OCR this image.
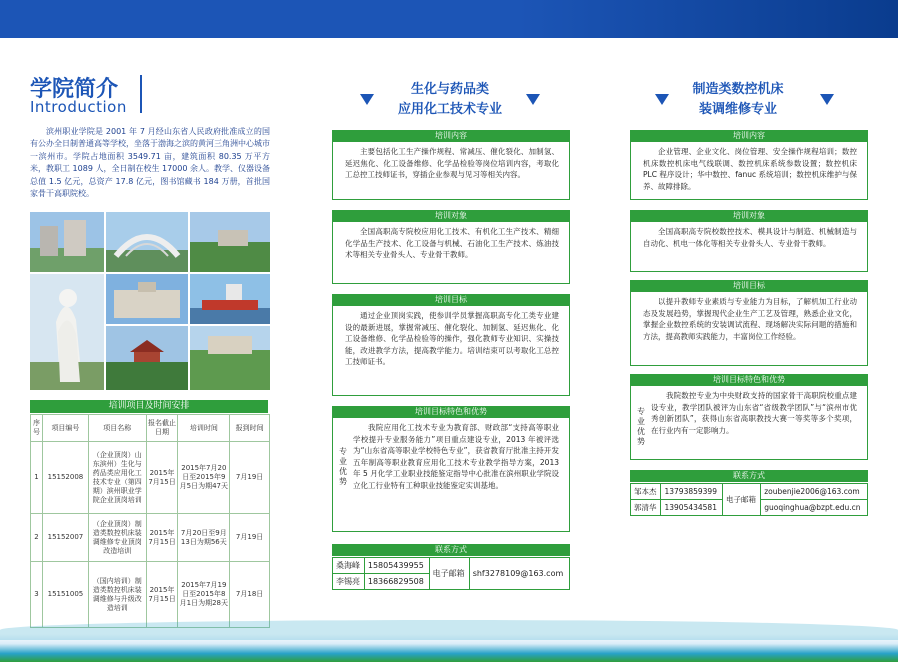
学院简介
Introduction
滨州职业学院是 2001 年 7 月经山东省人民政府批准成立的国有公办全日制普通高等学校，坐落于渤海之滨的黄河三角洲中心城市一滨州市。学院占地面积 3549.71 亩，建筑面积 80.35 万平方米，教职工 1089 人，全日制在校生 17000 余人。教学、仪器设备总值 1.5 亿元，总资产 17.8 亿元，图书馆藏书 184 万册，首批国家骨干高职院校。
培训项目及时间安排
序号	项目编号	项目名称	报名截止日期	培训时间	报到时间
1	15152008	（企业顶岗）山东滨州）生化与药品类应用化工技术专业（第四期）滨州职业学院企业顶岗培训	2015年7月15日	2015年7月20日至2015年9月5日为期47天	7月19日
2	15152007	（企业顶岗）制造类数控机床装调维修专业顶岗改造培训	2015年7月15日	7月20日至9月13日为期56天	7月19日
3	15151005	（国内培训）制造类数控机床装调维修与升级改造培训	2015年7月15日	2015年7月19日至2015年8月1日为期28天	7月18日
生化与药品类
应用化工技术专业
培训内容
主要包括化工生产操作规程、常减压、催化裂化、加制氢、延迟焦化、化工设备维修、化学品检验等岗位培训内容，考取化工总控工技师证书，穿插企业参观与见习等相关内容。
培训对象
全国高职高专院校应用化工技术、有机化工生产技术、精细化学品生产技术、化工设备与机械、石油化工生产技术、炼油技术等相关专业骨头人、专业骨干教师。
培训目标
通过企业顶岗实践，使参训学员掌握高职高专化工类专业建设的最新进展，掌握常减压、催化裂化、加制氢、延迟焦化、化工设备维修、化学品检验等的操作，强化教师专业知识、实操技能，改进教学方法，提高教学能力。培训结束可以考取化工总控工技师证书。
培训目标特色和优势
专业优势
我院应用化工技术专业为教育部、财政部“支持高等职业学校提升专业服务能力”项目重点建设专业，2013 年被评选为“山东省高等职业学校特色专业”，获省教育厅批准主持开发五年制高等职业教育应用化工技术专业教学指导方案，2013 年 5 月化学工业职业技能鉴定指导中心批准在滨州职业学院设立化工行业特有工种职业技能鉴定实训基地。
联系方式
桑海峰	15805439955	电子邮箱	shf3278109@163.com
李锡亮	18366829508		
制造类数控机床
装调维修专业
培训内容
企业管理、企业文化、岗位管理、安全操作规程培训；数控机床数控机床电气线联调、数控机床系统参数设置；数控机床 PLC 程序设计；华中数控、fanuc 系统培训；数控机床维护与保养、故障排除。
培训对象
全国高职高专院校数控技术、模具设计与制造、机械制造与自动化、机电一体化等相关专业骨头人、专业骨干教师。
培训目标
以提升教师专业素质与专业能力为目标，了解机加工行业动态及发展趋势，掌握现代企业生产工艺及管理，熟悉企业文化，掌握企业数控系统的安装调试流程、现场解决实际问题的措施和方法，提高教师实践能力，丰富岗位工作经验。
培训目标特色和优势
专业优势
我院数控专业为中央财政支持的国家骨干高职院校重点建设专业，教学团队被评为山东省“省级教学团队”与“滨州市优秀创新团队”，获得山东省高职教技大赛一等奖等多个奖项，在行业内有一定影响力。
联系方式
邹本杰	13793859399	电子邮箱	zoubenjie2006@163.com
郭清华	13905434581		guoqinghua@bzpt.edu.cn
